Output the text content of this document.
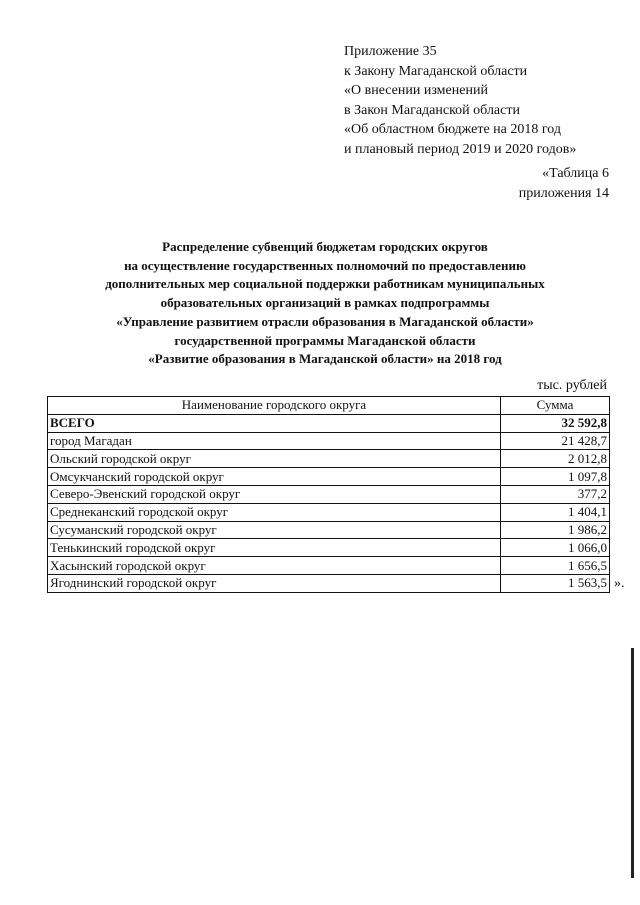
Приложение 35
к Закону Магаданской области
«О внесении изменений
в Закон Магаданской области
«Об областном бюджете на 2018 год
и плановый период 2019 и 2020 годов»
«Таблица 6
приложения 14
Распределение субвенций бюджетам городских округов
на осуществление государственных полномочий по предоставлению
дополнительных мер социальной поддержки работникам муниципальных
образовательных организаций в рамках подпрограммы
«Управление развитием отрасли образования в Магаданской области»
государственной программы Магаданской области
«Развитие образования в Магаданской области» на 2018 год
тыс. рублей
Наименование городского округа	Сумма
ВСЕГО	32 592,8
город Магадан	21 428,7
Ольский городской округ	2 012,8
Омсукчанский городской округ	1 097,8
Северо-Эвенский городской округ	377,2
Среднеканский городской округ	1 404,1
Сусуманский городской округ	1 986,2
Тенькинский городской округ	1 066,0
Хасынский городской округ	1 656,5
Ягоднинский городской округ	1 563,5 ».
